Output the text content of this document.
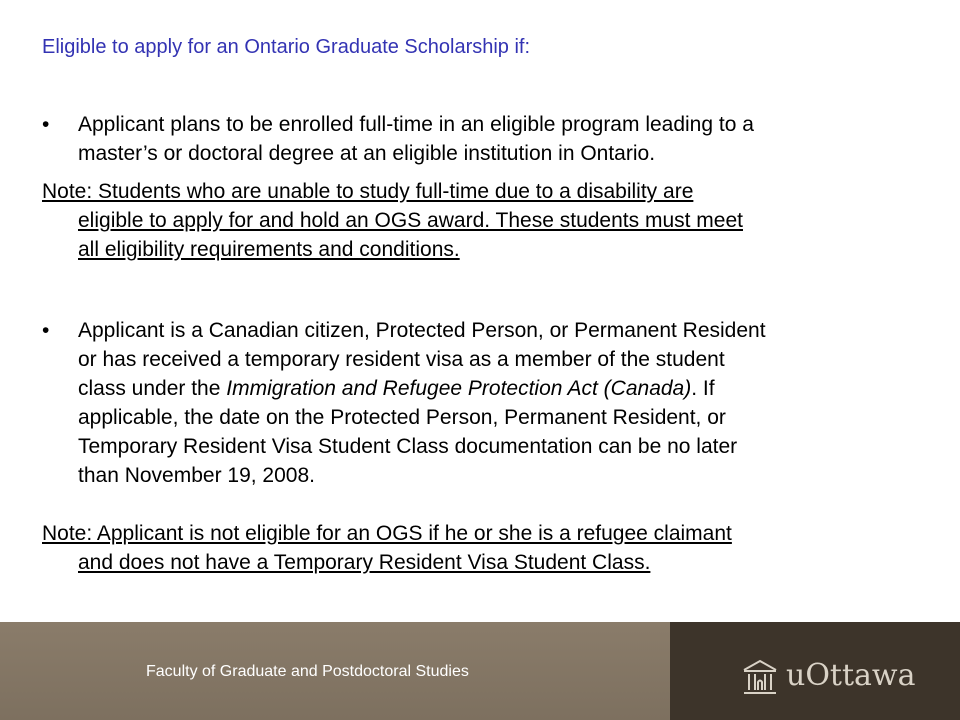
Eligible to apply for an Ontario Graduate Scholarship if:
• Applicant plans to be enrolled full-time in an eligible program leading to a
master’s or doctoral degree at an eligible institution in Ontario.
Note: Students who are unable to study full-time due to a disability are
eligible to apply for and hold an OGS award. These students must meet
all eligibility requirements and conditions.
• Applicant is a Canadian citizen, Protected Person, or Permanent Resident
or has received a temporary resident visa as a member of the student
class under the Immigration and Refugee Protection Act (Canada). If
applicable, the date on the Protected Person, Permanent Resident, or
Temporary Resident Visa Student Class documentation can be no later
than November 19, 2008.
Note: Applicant is not eligible for an OGS if he or she is a refugee claimant
and does not have a Temporary Resident Visa Student Class.
Faculty of Graduate and Postdoctoral Studies	uOttawa
